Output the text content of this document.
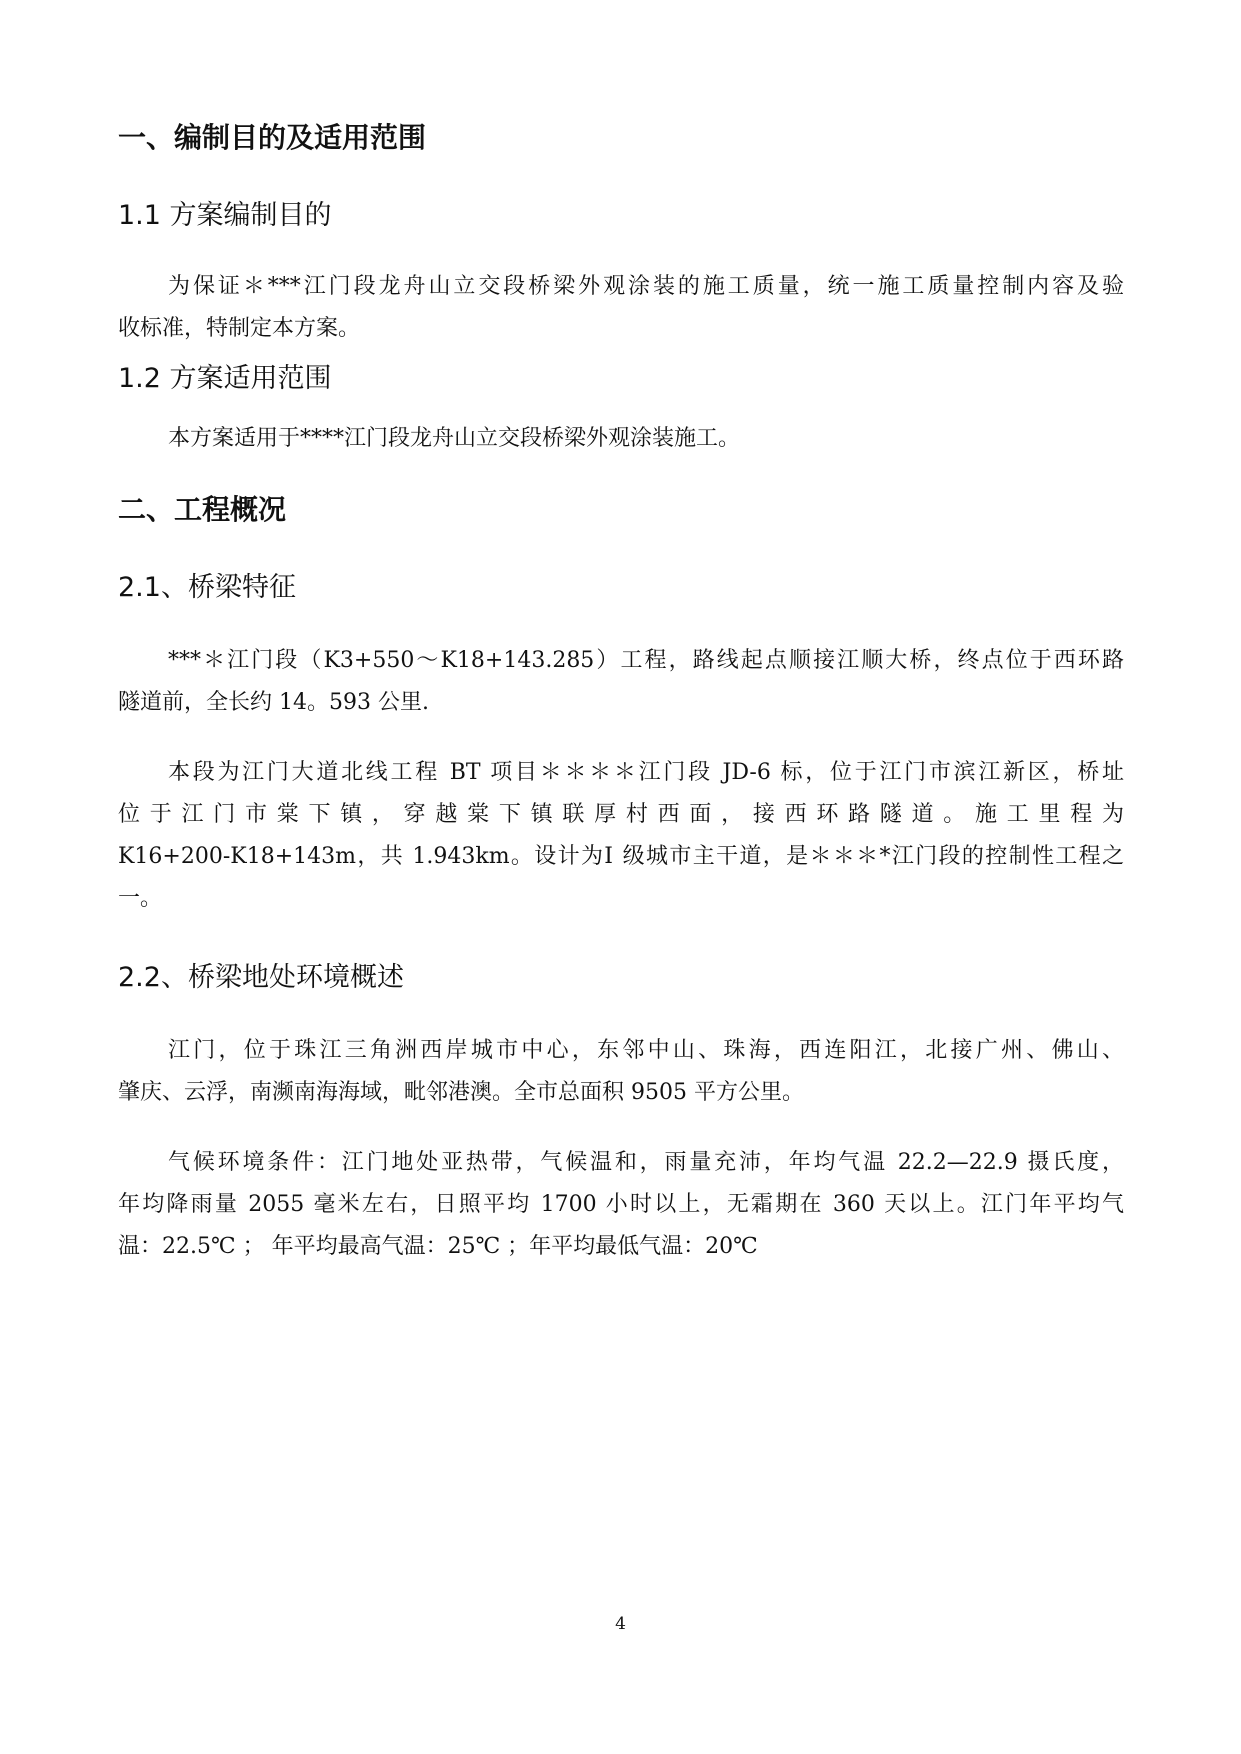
一、编制目的及适用范围
1.1 方案编制目的
为保证＊***江门段龙舟山立交段桥梁外观涂装的施工质量，统一施工质量控制内容及验
收标准，特制定本方案。
1.2 方案适用范围
本方案适用于****江门段龙舟山立交段桥梁外观涂装施工。
二、工程概况
2.1、桥梁特征
***＊江门段（K3+550～K18+143.285）工程，路线起点顺接江顺大桥，终点位于西环路
隧道前，全长约 14。593 公里.
本段为江门大道北线工程 BT 项目＊＊＊＊江门段 JD-6 标，位于江门市滨江新区，桥址
位于江门市棠下镇，穿越棠下镇联厚村西面，接西环路隧道。施工里程为
K16+200-K18+143m，共 1.943km。设计为Ⅰ 级城市主干道，是＊＊＊*江门段的控制性工程之
一。
2.2、桥梁地处环境概述
江门，位于珠江三角洲西岸城市中心，东邻中山、珠海，西连阳江，北接广州、佛山、
肇庆、云浮，南濒南海海域，毗邻港澳。全市总面积 9505 平方公里。
气候环境条件：江门地处亚热带，气候温和，雨量充沛，年均气温 22.2—22.9 摄氏度，
年均降雨量 2055 毫米左右，日照平均 1700 小时以上，无霜期在 360 天以上。江门年平均气
温：22.5℃ ； 年平均最高气温：25℃ ；年平均最低气温：20℃
4
